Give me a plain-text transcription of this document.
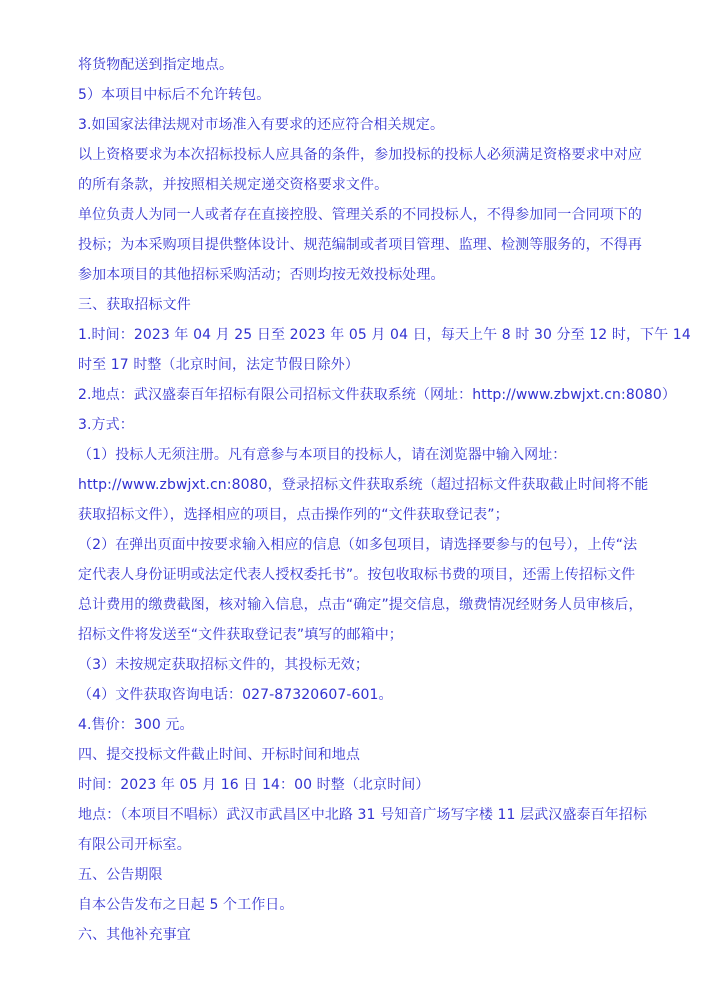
将货物配送到指定地点。
5）本项目中标后不允许转包。
3.如国家法律法规对市场准入有要求的还应符合相关规定。
以上资格要求为本次招标投标人应具备的条件，参加投标的投标人必须满足资格要求中对应
的所有条款，并按照相关规定递交资格要求文件。
单位负责人为同一人或者存在直接控股、管理关系的不同投标人，不得参加同一合同项下的
投标；为本采购项目提供整体设计、规范编制或者项目管理、监理、检测等服务的，不得再
参加本项目的其他招标采购活动；否则均按无效投标处理。
三、获取招标文件
1.时间：2023 年 04 月 25 日至 2023 年 05 月 04 日，每天上午 8 时 30 分至 12 时，下午 14
时至 17 时整（北京时间，法定节假日除外）
2.地点：武汉盛泰百年招标有限公司招标文件获取系统（网址：http://www.zbwjxt.cn:8080）
3.方式：
（1）投标人无须注册。凡有意参与本项目的投标人，请在浏览器中输入网址：
http://www.zbwjxt.cn:8080，登录招标文件获取系统（超过招标文件获取截止时间将不能
获取招标文件），选择相应的项目，点击操作列的“文件获取登记表”；
（2）在弹出页面中按要求输入相应的信息（如多包项目，请选择要参与的包号），上传“法
定代表人身份证明或法定代表人授权委托书”。按包收取标书费的项目，还需上传招标文件
总计费用的缴费截图，核对输入信息，点击“确定”提交信息，缴费情况经财务人员审核后，
招标文件将发送至“文件获取登记表”填写的邮箱中；
（3）未按规定获取招标文件的，其投标无效；
（4）文件获取咨询电话：027-87320607-601。
4.售价：300 元。
四、提交投标文件截止时间、开标时间和地点
时间：2023 年 05 月 16 日 14：00 时整（北京时间）
地点：（本项目不唱标）武汉市武昌区中北路 31 号知音广场写字楼 11 层武汉盛泰百年招标
有限公司开标室。
五、公告期限
自本公告发布之日起 5 个工作日。
六、其他补充事宜
